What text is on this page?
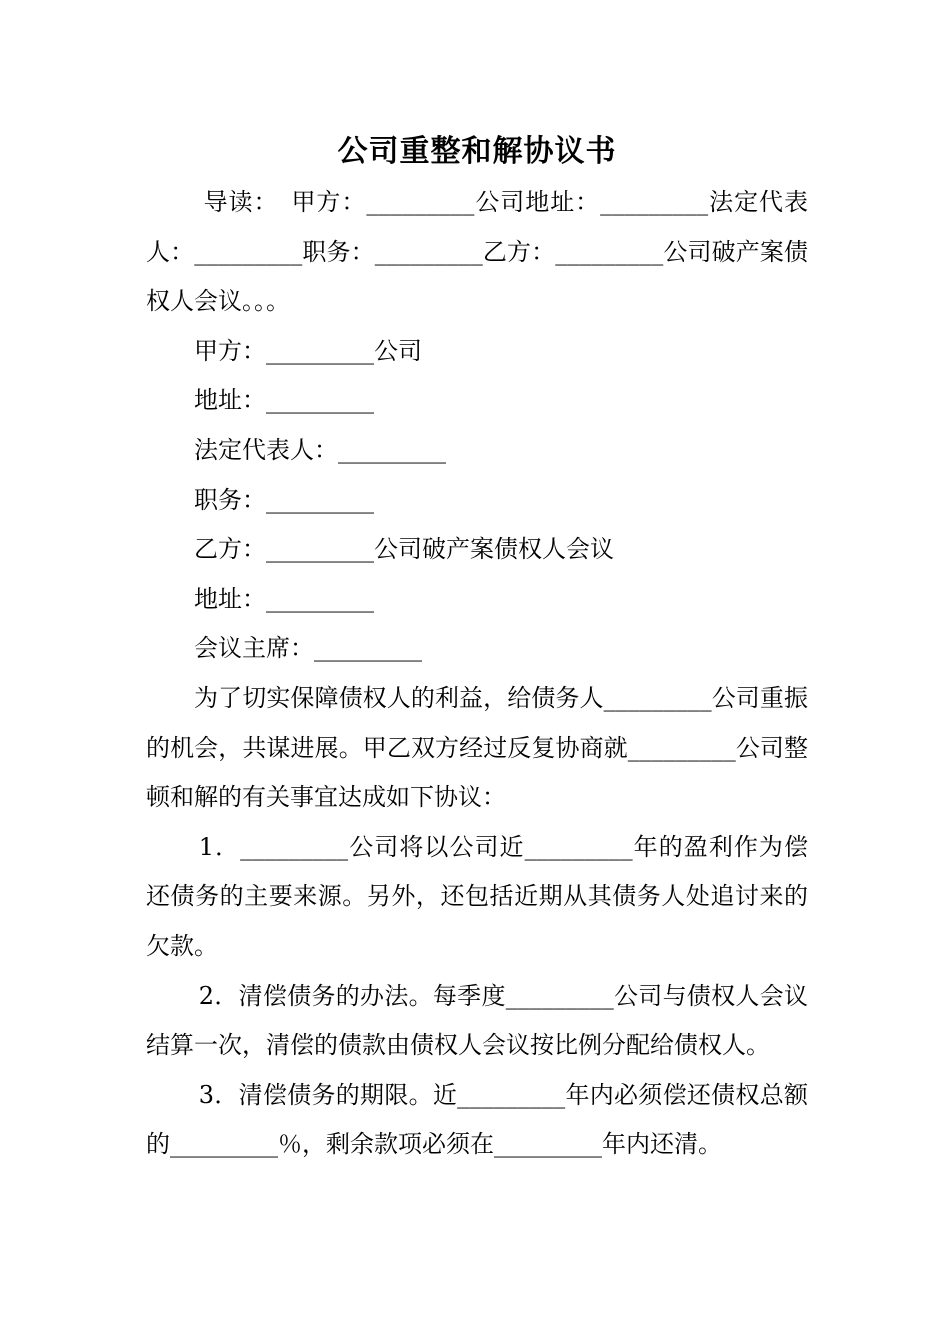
公司重整和解协议书

导读：　甲方：_________公司地址：_________法定代表人：_________职务：_________乙方：_________公司破产案债权人会议。。。

甲方：_________公司

地址：_________

法定代表人：_________

职务：_________

乙方：_________公司破产案债权人会议

地址：_________

会议主席：_________

为了切实保障债权人的利益，给债务人_________公司重振的机会，共谋进展。甲乙双方经过反复协商就_________公司整顿和解的有关事宜达成如下协议：

1．_________公司将以公司近_________年的盈利作为偿还债务的主要来源。另外，还包括近期从其债务人处追讨来的欠款。

2．清偿债务的办法。每季度_________公司与债权人会议结算一次，清偿的债款由债权人会议按比例分配给债权人。

3．清偿债务的期限。近_________年内必须偿还债权总额的_________％，剩余款项必须在_________年内还清。
